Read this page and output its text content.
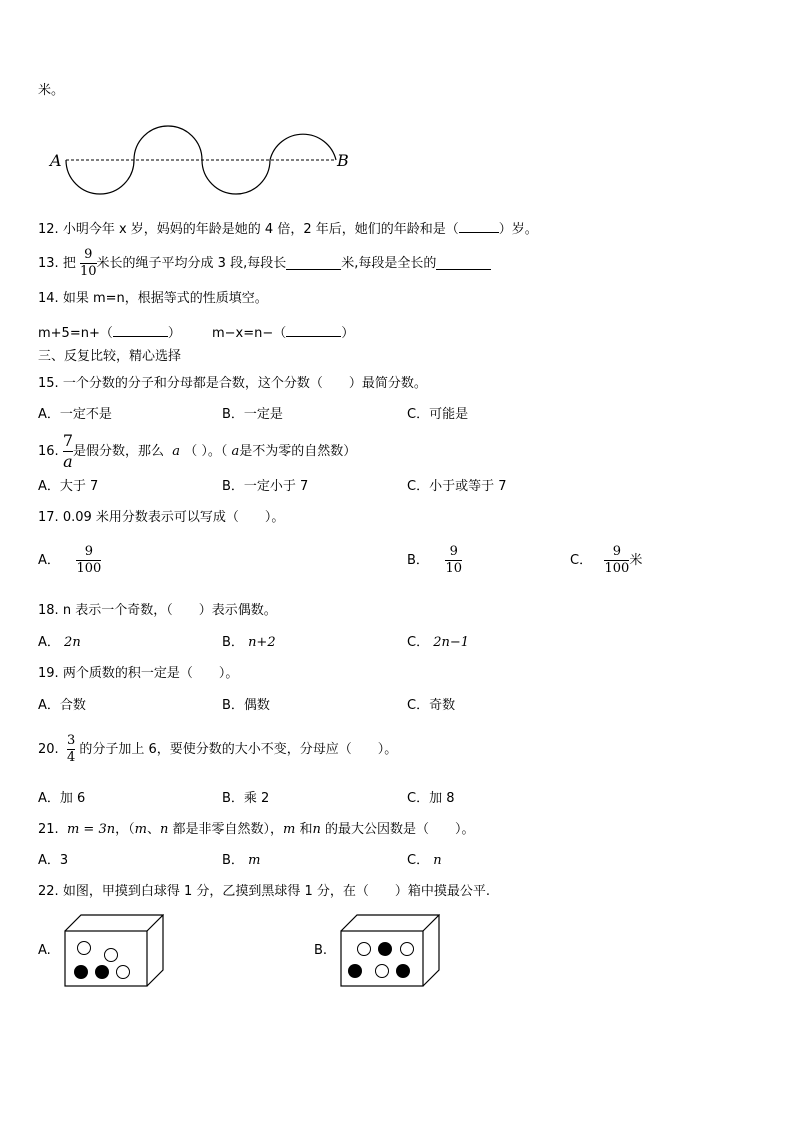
米。
A	B
12. 小明今年 x 岁，妈妈的年龄是她的 4 倍，2 年后，她们的年龄和是（	）岁。
13.
把
$\frac{9}{10}$ 米长的绳子平均分成 3 段,每段长	米,每段是全长的
14. 如果 m=n，根据等式的性质填空。
m+5=n+（	） m−x=n−（	）
三、反复比较，精心选择
15. 一个分数的分子和分母都是合数，这个分数（　　）最简分数。
A．一定不是	B．一定是	C．可能是
16.
$\frac{7}{a}$ 是假分数，那么
a
（ ）。（
a 是不为零的自然数）
A．大于 7	B．一定小于 7	C．小于或等于 7
17. 0.09 米用分数表示可以写成（　　）。
A．
$\frac{9}{100}$	B．
$\frac{9}{10}$	C．
$\frac{9}{100}$ 米
18. n 表示一个奇数，（　　）表示偶数。
A． 2n	B． n+2	C． 2n−1
19. 两个质数的积一定是（　　）。
A．合数	B．偶数	C．奇数
20.
$\frac{3}{4}$
的分子加上 6，要使分数的大小不变，分母应（　　）。
A．加 6	B．乘 2	C．加 8
21. m = 3n，（m、n 都是非零自然数），m 和n 的最大公因数是（　　）。
A．3	B． m	C． n
22. 如图，甲摸到白球得 1 分，乙摸到黑球得 1 分，在（　　）箱中摸最公平.
A.	B.
